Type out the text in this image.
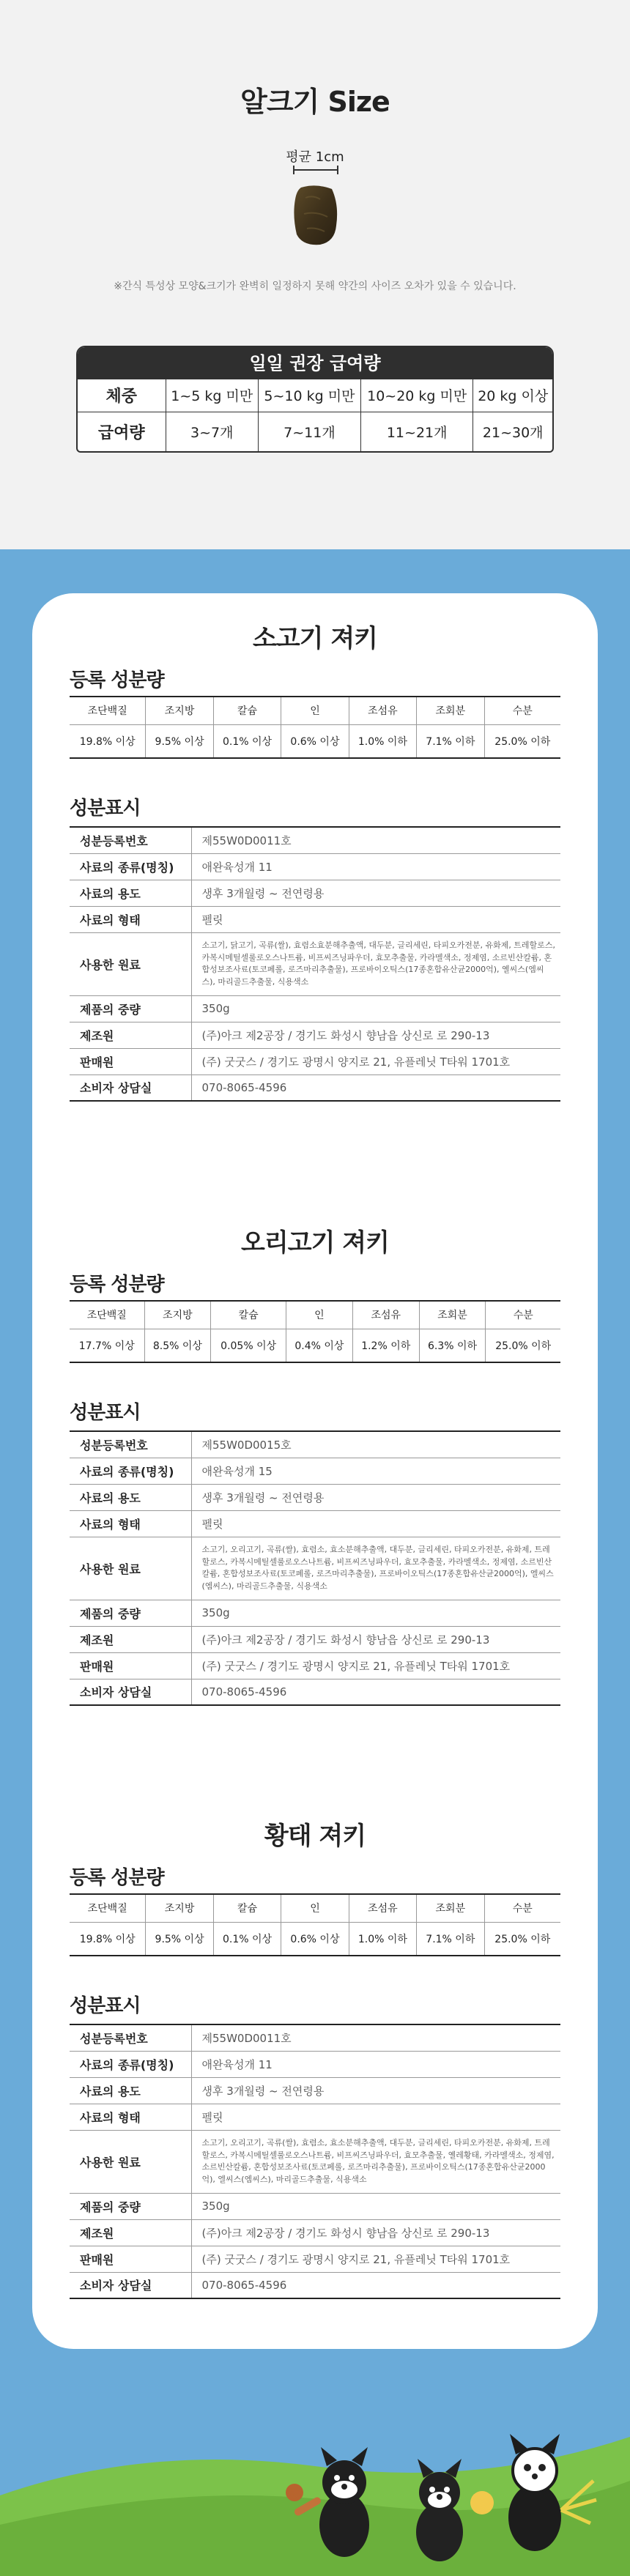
알크기 Size
평균 1cm

※간식 특성상 모양&크기가 완벽히 일정하지 못해 약간의 사이즈 오차가 있을 수 있습니다.

일일 권장 급여량
체중	1~5 kg 미만	5~10 kg 미만	10~20 kg 미만	20 kg 이상
급여량	3~7개	7~11개	11~21개	21~30개
소고기 져키
등록 성분량
조단백질	조지방	칼슘	인	조섬유	조회분	수분
19.8% 이상	9.5% 이상	0.1% 이상	0.6% 이상	1.0% 이하	7.1% 이하	25.0% 이하
성분표시
성분등록번호	제55W0D0011호
사료의 종류(명칭)	애완육성개 11
사료의 용도	생후 3개월령 ~ 전연령용
사료의 형태	펠릿
사용한 원료	소고기, 닭고기, 곡류(쌀), 효렴소효분해추출액, 대두분, 글리세린, 타피오카전분, 유화제, 트레할로스, 카복시메틸셀룰로오스나트륨, 비프씨즈닝파우더, 효모추출물, 카라멜색소, 정제염, 소르빈산칼륨, 혼합성보조사료(토코페롤, 로즈마리추출물), 프로바이오틱스(17종혼합유산균2000억), 옐씨스(엠씨스), 마리골드추출물, 식용색소
제품의 중량	350g
제조원	(주)아크 제2공장 / 경기도 화성시 향남읍 상신로 로 290-13
판매원	(주) 굿굿스 / 경기도 광명시 양지로 21, 유플레닛 T타워 1701호
소비자 상담실	070-8065-4596
오리고기 져키
등록 성분량
조단백질	조지방	칼슘	인	조섬유	조회분	수분
17.7% 이상	8.5% 이상	0.05% 이상	0.4% 이상	1.2% 이하	6.3% 이하	25.0% 이하
성분표시
성분등록번호	제55W0D0015호
사료의 종류(명칭)	애완육성개 15
사료의 용도	생후 3개월령 ~ 전연령용
사료의 형태	펠릿
사용한 원료	소고기, 오리고기, 곡류(쌀), 효렴소, 효소분해추출액, 대두분, 글리세린, 타피오카전분, 유화제, 트레할로스, 카복시메틸셀룰로오스나트륨, 비프씨즈닝파우더, 효모추출물, 카라멜색소, 정제염, 소르빈산칼륨, 혼합성보조사료(토코페롤, 로즈마리추출물), 프로바이오틱스(17종혼합유산균2000억), 엘씨스(엠씨스), 마리골드추출물, 식용색소
제품의 중량	350g
제조원	(주)아크 제2공장 / 경기도 화성시 향남읍 상신로 로 290-13
판매원	(주) 굿굿스 / 경기도 광명시 양지로 21, 유플레닛 T타워 1701호
소비자 상담실	070-8065-4596
황태 져키
등록 성분량
조단백질	조지방	칼슘	인	조섬유	조회분	수분
19.8% 이상	9.5% 이상	0.1% 이상	0.6% 이상	1.0% 이하	7.1% 이하	25.0% 이하
성분표시
성분등록번호	제55W0D0011호
사료의 종류(명칭)	애완육성개 11
사료의 용도	생후 3개월령 ~ 전연령용
사료의 형태	펠릿
사용한 원료	소고기, 오리고기, 곡류(쌀), 효렴소, 효소분해추출액, 대두분, 글리세린, 타피오카전분, 유화제, 트레할로스, 카복시메틸셀룰로오스나트륨, 비프씨즈닝파우더, 효모추출물, 옐레황태, 카라멜색소, 정제염, 소르빈산칼륨, 혼합성보조사료(토코페롤, 로즈마리추출물), 프로바이오틱스(17종혼합유산균2000억), 엘씨스(엠씨스), 마리골드추출물, 식용색소
제품의 중량	350g
제조원	(주)아크 제2공장 / 경기도 화성시 향남읍 상신로 로 290-13
판매원	(주) 굿굿스 / 경기도 광명시 양지로 21, 유플레닛 T타워 1701호
소비자 상담실	070-8065-4596
